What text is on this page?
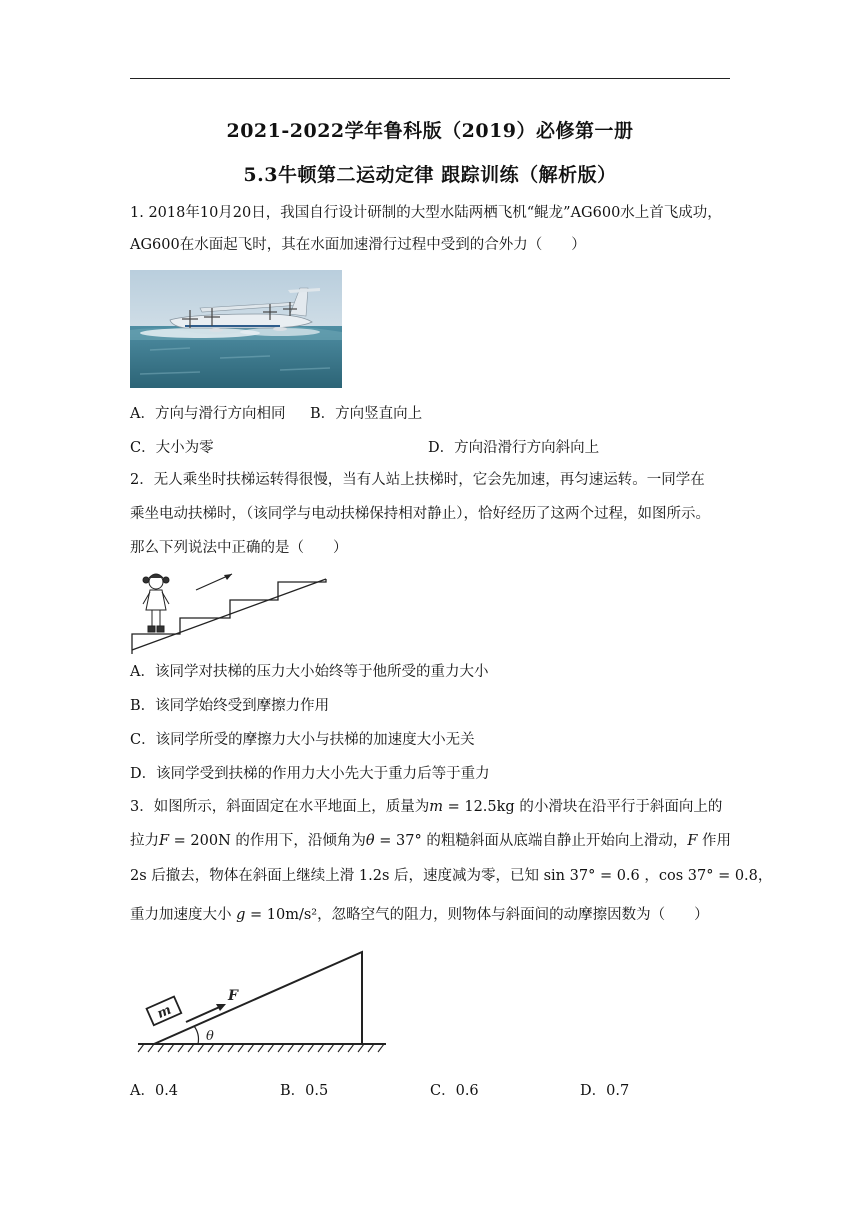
2021-2022学年鲁科版（2019）必修第一册
5.3牛顿第二运动定律 跟踪训练（解析版）
1. 2018年10月20日，我国自行设计研制的大型水陆两栖飞机“鲲龙”AG600水上首飞成功，
AG600在水面起飞时，其在水面加速滑行过程中受到的合外力（　　）
A．方向与滑行方向相同 B．方向竖直向上
C．大小为零	D．方向沿滑行方向斜向上
2．无人乘坐时扶梯运转得很慢，当有人站上扶梯时，它会先加速，再匀速运转。一同学在
乘坐电动扶梯时，（该同学与电动扶梯保持相对静止），恰好经历了这两个过程，如图所示。
那么下列说法中正确的是（　　）
A．该同学对扶梯的压力大小始终等于他所受的重力大小
B．该同学始终受到摩擦力作用
C．该同学所受的摩擦力大小与扶梯的加速度大小无关
D．该同学受到扶梯的作用力大小先大于重力后等于重力
3．如图所示，斜面固定在水平地面上，质量为m = 12.5kg 的小滑块在沿平行于斜面向上的
拉力F = 200N 的作用下，沿倾角为θ = 37° 的粗糙斜面从底端自静止开始向上滑动，F 作用
2s 后撤去，物体在斜面上继续上滑 1.2s 后，速度减为零，已知 sin 37° = 0.6 ，cos 37° = 0.8，
重力加速度大小 g = 10m/s²，忽略空气的阻力，则物体与斜面间的动摩擦因数为（　　）
m
F
θ
A．0.4	B．0.5	C．0.6	D．0.7
